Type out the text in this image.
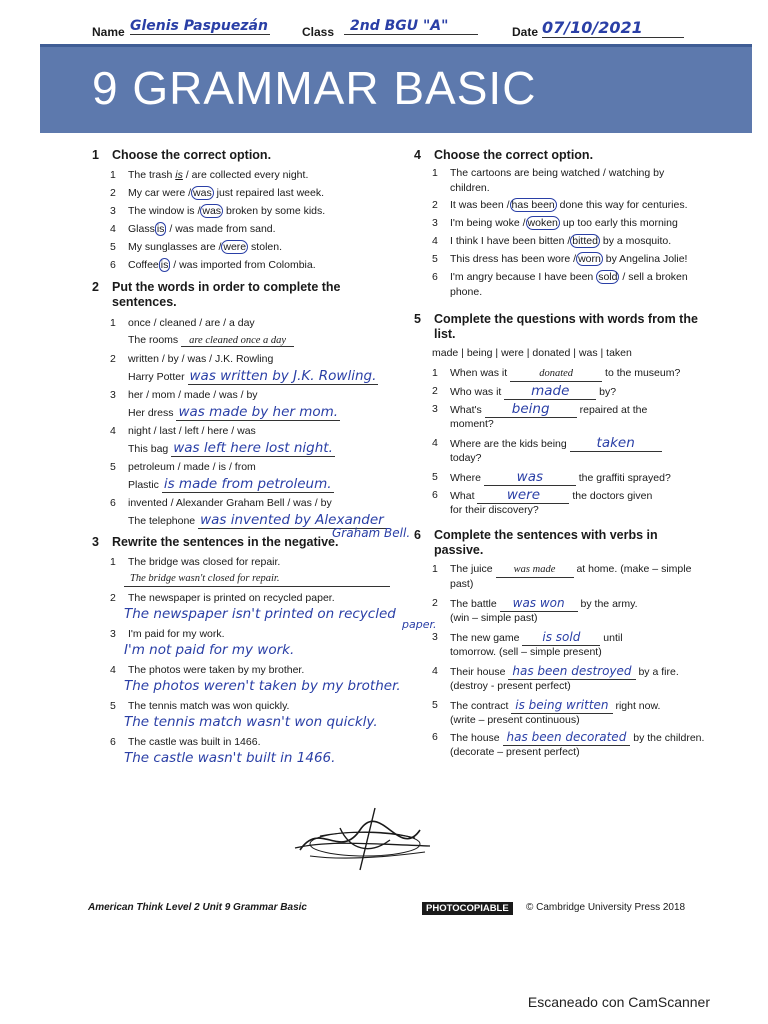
Name Glenis Paspuezán	Class	2nd BGU "A"	Date 07/10/2021
9 GRAMMAR BASIC
1 Choose the correct option.
1	The trash is / are collected every night.
2	My car were / was just repaired last week.
3	The window is / was broken by some kids.
4	Glass is / was made from sand.
5	My sunglasses are / were stolen.
6	Coffee is / was imported from Colombia.
2 Put the words in order to complete the sentences.
1	once / cleaned / are / a day
The rooms are cleaned once a day
2	written / by / was / J.K. Rowling
Harry Potter was written by J.K. Rowling.
3	her / mom / made / was / by
Her dress was made by her mom.
4	night / last / left / here / was
This bag was left here lost night.
5	petroleum / made / is / from
Plastic is made from petroleum.
6	invented / Alexander Graham Bell / was / by
The telephone was invented by Alexander
Graham Bell.
3 Rewrite the sentences in the negative.
1	The bridge was closed for repair.
The bridge wasn't closed for repair.
2	The newspaper is printed on recycled paper.
The newspaper isn't printed on recycled
paper.
3	I'm paid for my work.
I'm not paid for my work.
4	The photos were taken by my brother.
The photos weren't taken by my brother.
5	The tennis match was won quickly.
The tennis match wasn't won quickly.
6	The castle was built in 1466.
The castle wasn't built in 1466.
4 Choose the correct option.
1	The cartoons are being watched / watching by
children.
2	It was been / has been done this way for centuries.
3	I'm being woke / woken up too early this morning
4	I think I have been bitten / bitted by a mosquito.
5	This dress has been wore / worn by Angelina Jolie!
6	I'm angry because I have been sold / sell a broken
phone.
5 Complete the questions with words from the list.
made | being | were | donated | was | taken
1	When was it	donated	to the museum?
2	Who was it made	by?
3	What's being	repaired at the
moment?
4	Where are the kids being taken
today?
5	Where was	the graffiti sprayed?
6	What were	the doctors given
for their discovery?
6 Complete the sentences with verbs in passive.
1	The juice was made at home. (make – simple
past)
2	The battle was won by the army.
(win – simple past)
3	The new game is sold until
tomorrow. (sell – simple present)
4	Their house has been destroyed by a fire.
(destroy - present perfect)
5	The contract is being written right now.
(write – present continuous)
6	The house has been decorated by the children.
(decorate – present perfect)
American Think Level 2 Unit 9 Grammar Basic	PHOTOCOPIABLE	© Cambridge University Press 2018
Escaneado con CamScanner
